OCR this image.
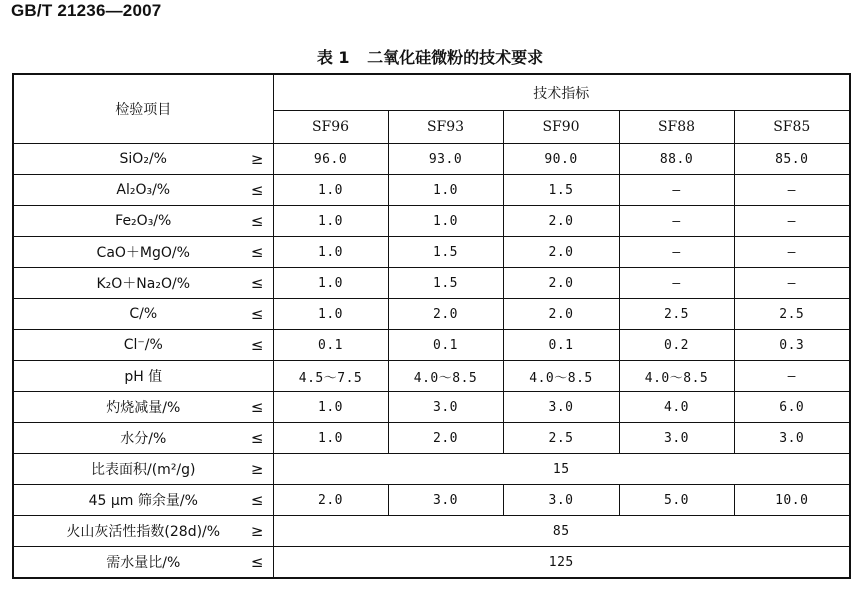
GB/T 21236—2007
表 1 二氧化硅微粉的技术要求
检验项目	技术指标				
	SF96	SF93	SF90	SF88	SF85
SiO₂/% ≥	96.0	93.0	90.0	88.0	85.0
Al₂O₃/% ≤	1.0	1.0	1.5	—	—
Fe₂O₃/% ≤	1.0	1.0	2.0	—	—
CaO＋MgO/% ≤	1.0	1.5	2.0	—	—
K₂O＋Na₂O/% ≤	1.0	1.5	2.0	—	—
C/% ≤	1.0	2.0	2.0	2.5	2.5
Cl⁻/% ≤	0.1	0.1	0.1	0.2	0.3
pH 值	4.5～7.5	4.0～8.5	4.0～8.5	4.0～8.5	—
灼烧减量/% ≤	1.0	3.0	3.0	4.0	6.0
水分/% ≤	1.0	2.0	2.5	3.0	3.0
比表面积/(m²/g) ≥	15				
45 μm 筛余量/% ≤	2.0	3.0	3.0	5.0	10.0
火山灰活性指数(28d)/% ≥	85				
需水量比/% ≤	125				
